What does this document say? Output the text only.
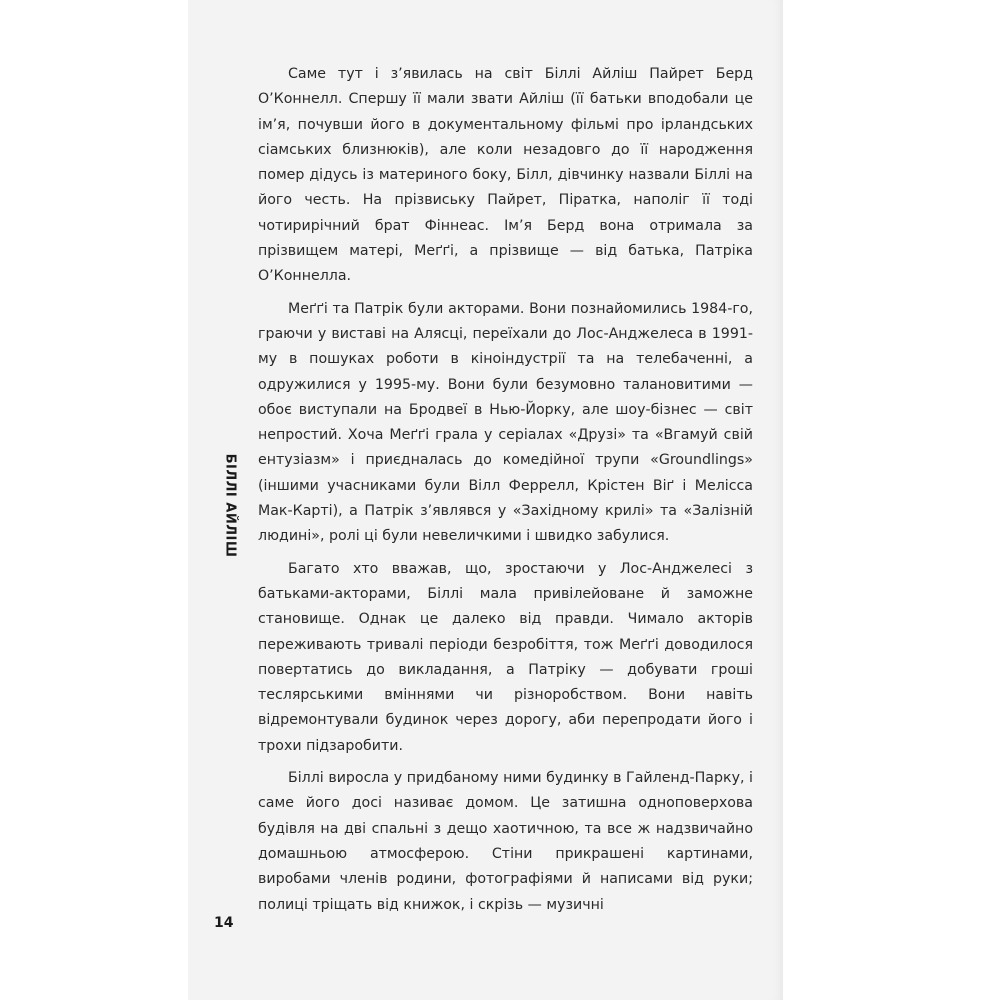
БІЛЛІ АЙЛІШ
14

Саме тут і з’явилась на світ Біллі Айліш Пайрет Берд О’Коннелл. Спершу її мали звати Айліш (її батьки вподобали це ім’я, почувши його в документальному фільмі про ірландських сіамських близнюків), але коли незадовго до її народження помер дідусь із материного боку, Білл, дівчинку назвали Біллі на його честь. На прізвиську Пайрет, Піратка, наполіг її тоді чотирирічний брат Фіннеас. Ім’я Берд вона отримала за прізвищем матері, Меґґі, а прізвище — від батька, Патріка О’Коннелла.

Меґґі та Патрік були акторами. Вони познайомились 1984-го, граючи у виставі на Алясці, переїхали до Лос-Анджелеса в 1991-му в пошуках роботи в кіноіндустрії та на телебаченні, а одружилися у 1995-му. Вони були безумовно талановитими — обоє виступали на Бродвеї в Нью-Йорку, але шоу-бізнес — світ непростий. Хоча Меґґі грала у серіалах «Друзі» та «Вгамуй свій ентузіазм» і приєдналась до комедійної трупи «Groundlings» (іншими учасниками були Вілл Феррелл, Крістен Віґ і Мелісса Мак-Карті), а Патрік з’являвся у «Західному крилі» та «Залізній людині», ролі ці були невеличкими і швидко забулися.

Багато хто вважав, що, зростаючи у Лос-Анджелесі з батьками-акторами, Біллі мала привілейоване й заможне становище. Однак це далеко від правди. Чимало акторів переживають тривалі періоди безробіття, тож Меґґі доводилося повертатись до викладання, а Патріку — добувати гроші теслярськими вміннями чи різноробством. Вони навіть відремонтували будинок через дорогу, аби перепродати його і трохи підзаробити.

Біллі виросла у придбаному ними будинку в Гайленд-Парку, і саме його досі називає домом. Це затишна одноповерхова будівля на дві спальні з дещо хаотичною, та все ж надзвичайно домашньою атмосферою. Стіни прикрашені картинами, виробами членів родини, фотографіями й написами від руки; полиці тріщать від книжок, і скрізь — музичні
